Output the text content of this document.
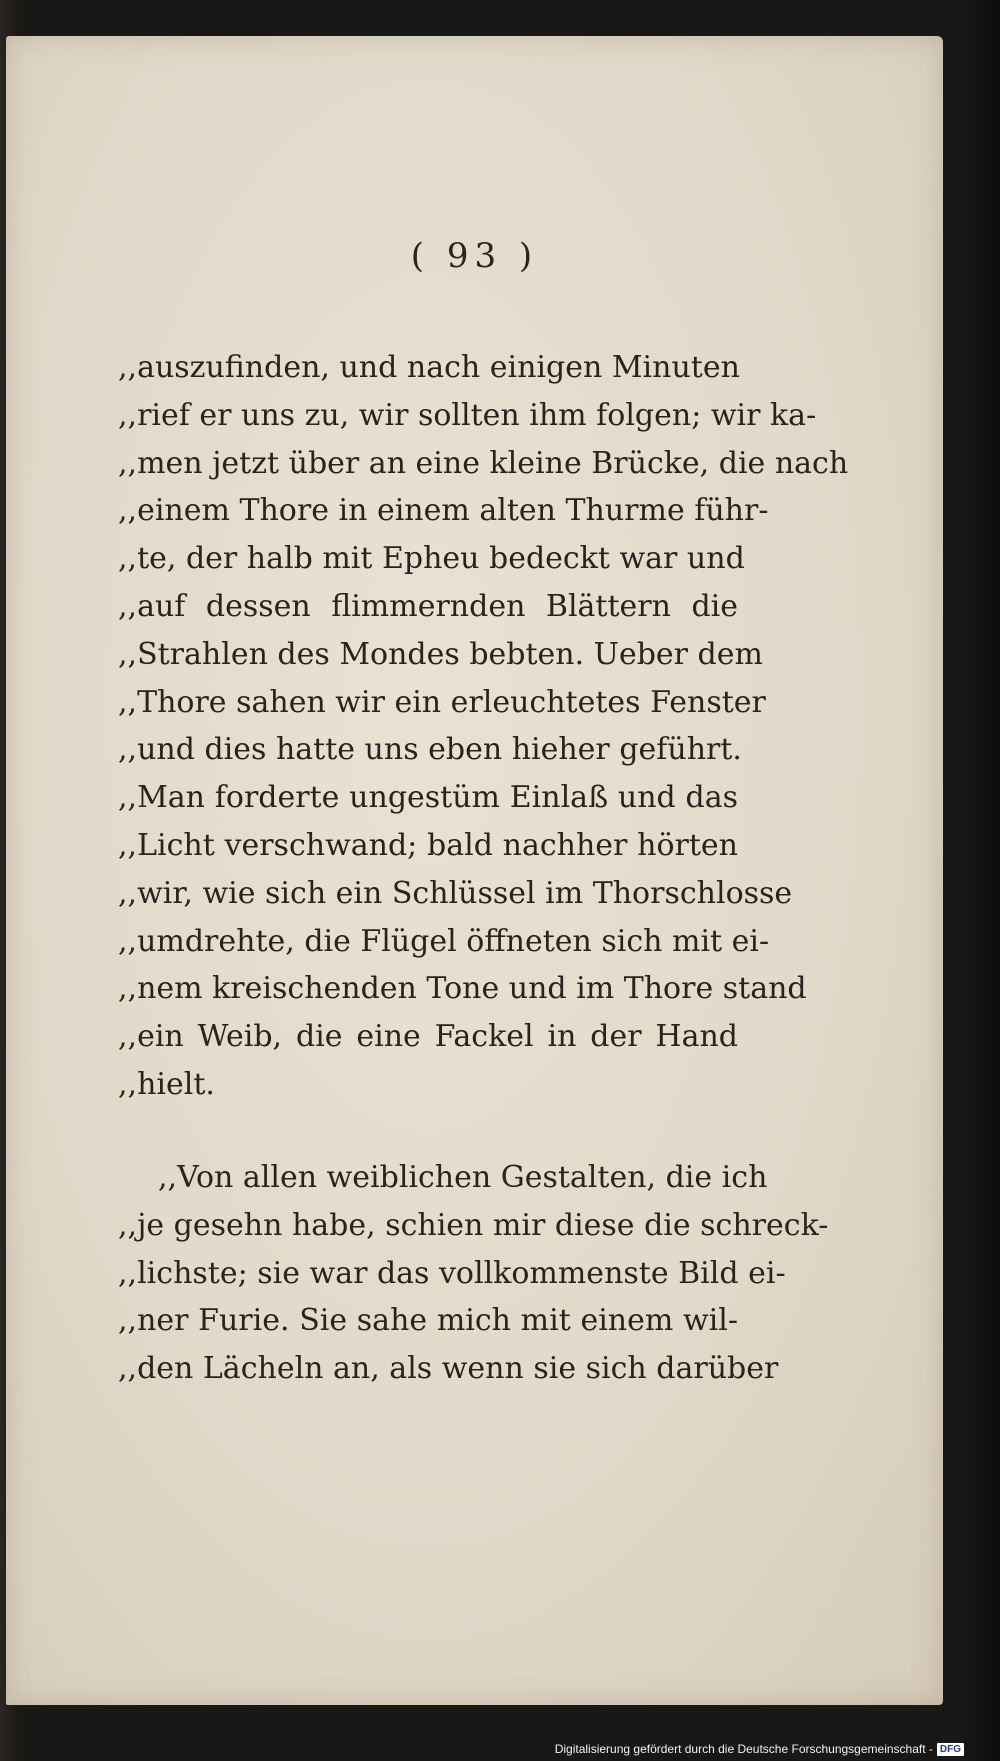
( 93 )
,,auszufinden, und nach einigen Minuten
,,rief er uns zu, wir sollten ihm folgen; wir ka-
,,men jetzt über an eine kleine Brücke, die nach
,,einem Thore in einem alten Thurme führ-
,,te, der halb mit Epheu bedeckt war und
,,auf dessen flimmernden Blättern die
,,Strahlen des Mondes bebten. Ueber dem
,,Thore sahen wir ein erleuchtetes Fenster
,,und dies hatte uns eben hieher geführt.
,,Man forderte ungestüm Einlaß und das
,,Licht verschwand; bald nachher hörten
,,wir, wie sich ein Schlüssel im Thorschlosse
,,umdrehte, die Flügel öffneten sich mit ei-
,,nem kreischenden Tone und im Thore stand
,,ein Weib, die eine Fackel in der Hand
,,hielt.
,,Von allen weiblichen Gestalten, die ich
,,je gesehn habe, schien mir diese die schreck-
,,lichste; sie war das vollkommenste Bild ei-
,,ner Furie. Sie sahe mich mit einem wil-
,,den Lächeln an, als wenn sie sich darüber
Digitalisierung gefördert durch die Deutsche Forschungsgemeinschaft - DFG
